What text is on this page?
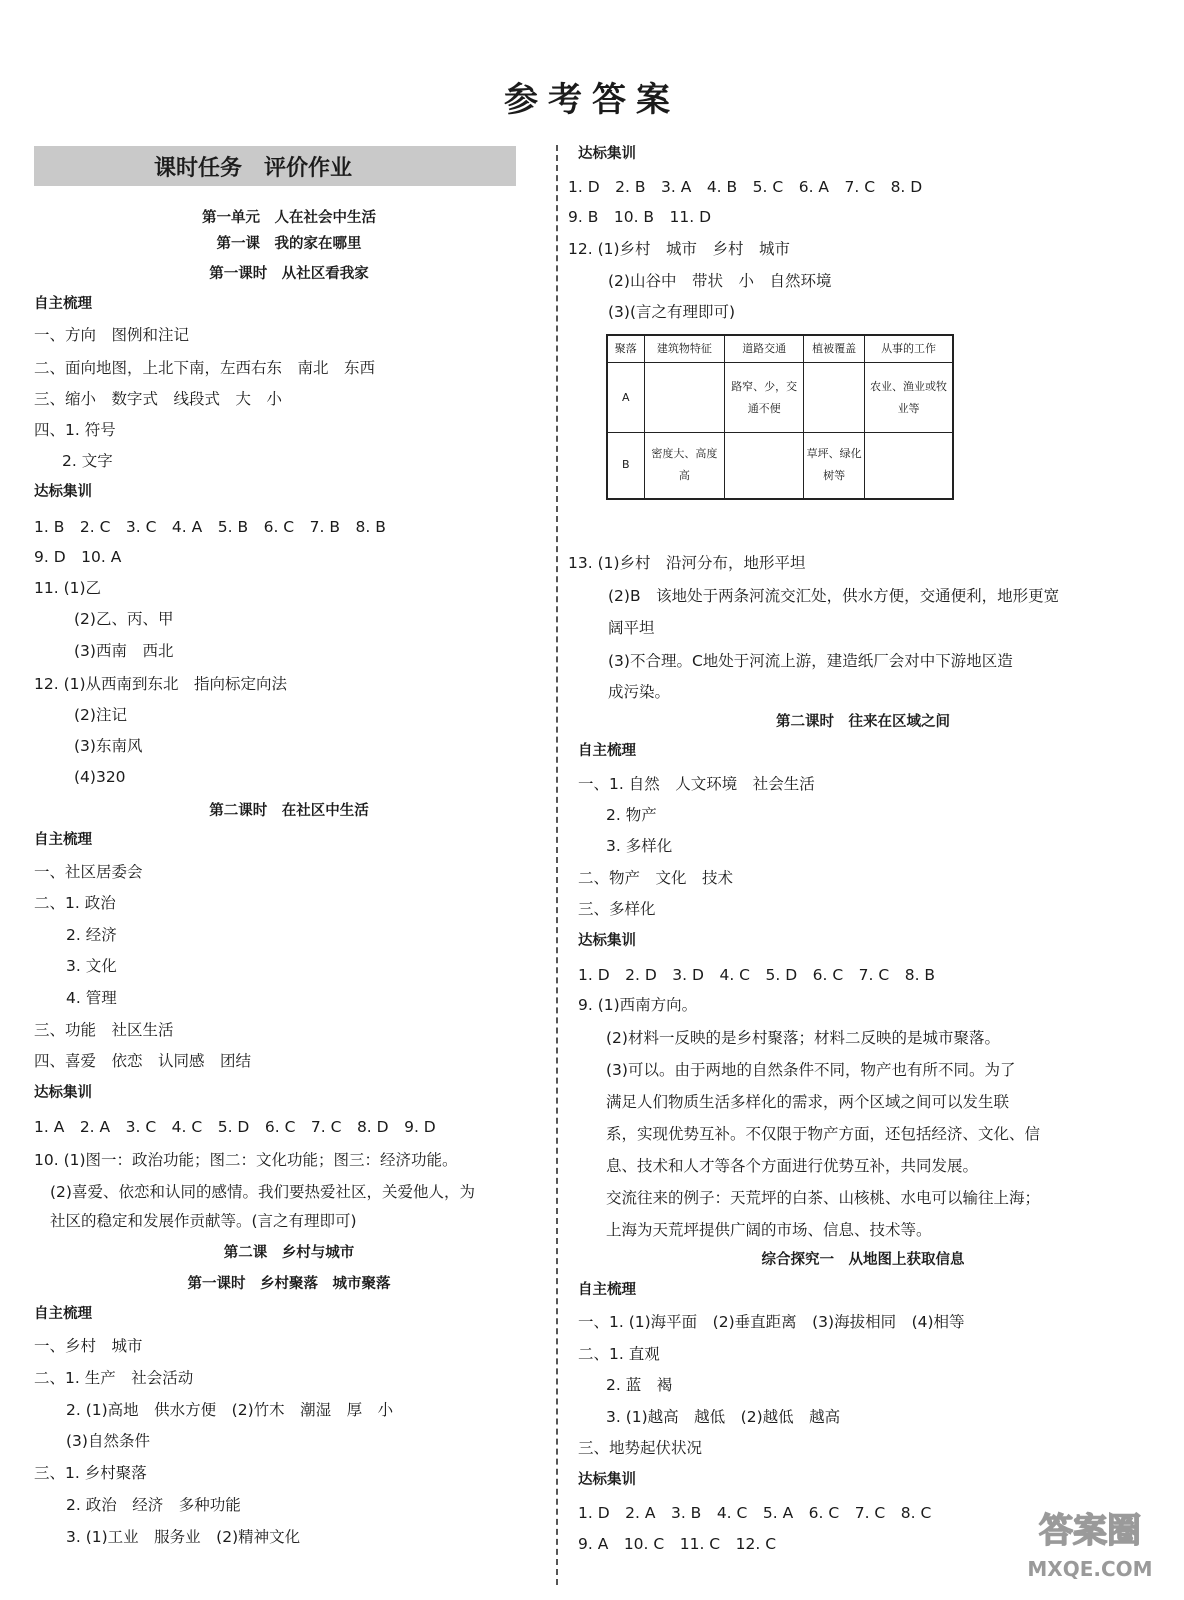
参考答案
课时任务　评价作业
第一单元　人在社会中生活
第一课　我的家在哪里
第一课时　从社区看我家
自主梳理
一、方向　图例和注记
二、面向地图，上北下南，左西右东　南北　东西
三、缩小　数字式　线段式　大　小
四、1. 符号
2. 文字
达标集训
1. B　2. C　3. C　4. A　5. B　6. C　7. B　8. B
9. D　10. A
11. (1)乙
(2)乙、丙、甲
(3)西南　西北
12. (1)从西南到东北　指向标定向法
(2)注记
(3)东南风
(4)320
第二课时　在社区中生活
自主梳理
一、社区居委会
二、1. 政治
2. 经济
3. 文化
4. 管理
三、功能　社区生活
四、喜爱　依恋　认同感　团结
达标集训
1. A　2. A　3. C　4. C　5. D　6. C　7. C　8. D　9. D
10. (1)图一：政治功能；图二：文化功能；图三：经济功能。
(2)喜爱、依恋和认同的感情。我们要热爱社区，关爱他人，为
社区的稳定和发展作贡献等。(言之有理即可)
第二课　乡村与城市
第一课时　乡村聚落　城市聚落
自主梳理
一、乡村　城市
二、1. 生产　社会活动
2. (1)高地　供水方便　(2)竹木　潮湿　厚　小
(3)自然条件
三、1. 乡村聚落
2. 政治　经济　多种功能
3. (1)工业　服务业　(2)精神文化
聚落	建筑物特征	道路交通	植被覆盖	从事的工作
A		路窄、少，交通不便		农业、渔业或牧业等
B	密度大、高度高		草坪、绿化树等	
达标集训
1. D　2. B　3. A　4. B　5. C　6. A　7. C　8. D
9. B　10. B　11. D
12. (1)乡村　城市　乡村　城市
(2)山谷中　带状　小　自然环境
(3)(言之有理即可)
13. (1)乡村　沿河分布，地形平坦
(2)B　该地处于两条河流交汇处，供水方便，交通便利，地形更宽
阔平坦
(3)不合理。C地处于河流上游，建造纸厂会对中下游地区造
成污染。
第二课时　往来在区域之间
自主梳理
一、1. 自然　人文环境　社会生活
2. 物产
3. 多样化
二、物产　文化　技术
三、多样化
达标集训
1. D　2. D　3. D　4. C　5. D　6. C　7. C　8. B
9. (1)西南方向。
(2)材料一反映的是乡村聚落；材料二反映的是城市聚落。
(3)可以。由于两地的自然条件不同，物产也有所不同。为了
满足人们物质生活多样化的需求，两个区域之间可以发生联
系，实现优势互补。不仅限于物产方面，还包括经济、文化、信
息、技术和人才等各个方面进行优势互补，共同发展。
交流往来的例子：天荒坪的白茶、山核桃、水电可以输往上海；
上海为天荒坪提供广阔的市场、信息、技术等。
综合探究一　从地图上获取信息
自主梳理
一、1. (1)海平面　(2)垂直距离　(3)海拔相同　(4)相等
二、1. 直观
2. 蓝　褐
3. (1)越高　越低　(2)越低　越高
三、地势起伏状况
达标集训
1. D　2. A　3. B　4. C　5. A　6. C　7. C　8. C
9. A　10. C　11. C　12. C	答案圈
MXQE.COM
